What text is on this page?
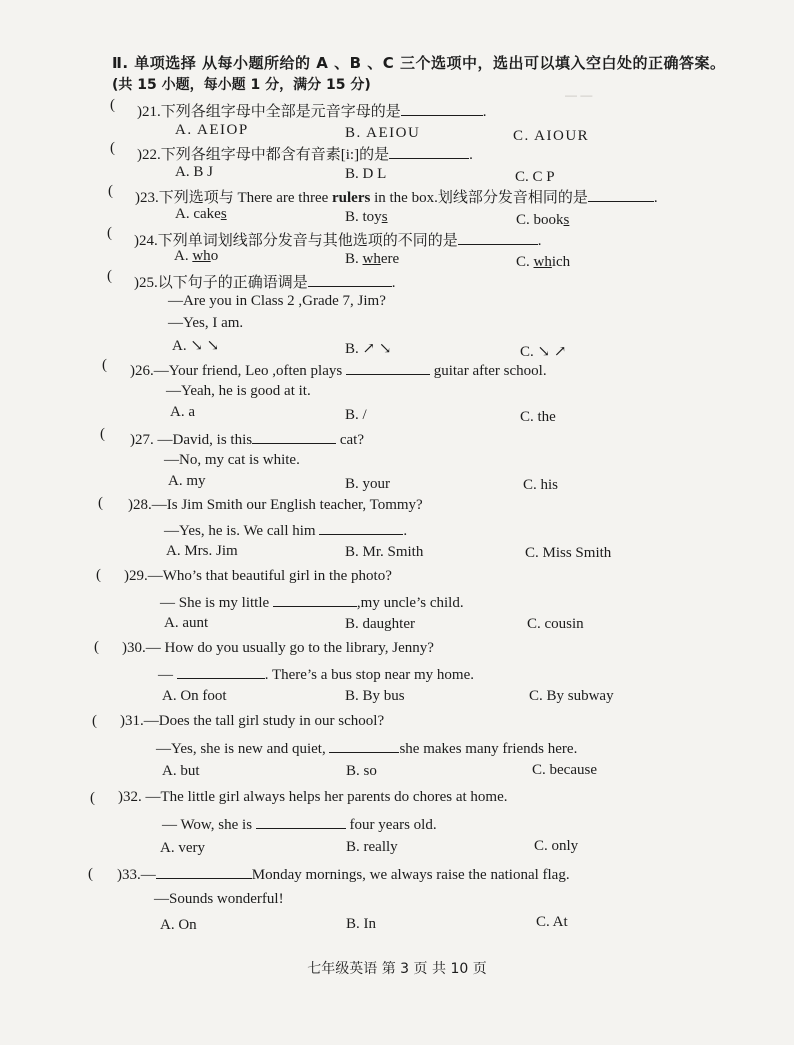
— —
Ⅱ. 单项选择 从每小题所给的 A 、B 、C 三个选项中，选出可以填入空白处的正确答案。
(共 15 小题，每小题 1 分，满分 15 分)
( )21.下列各组字母中全部是元音字母的是	.
A. AEIOP	B. AEIOU	C. AIOUR
( )22.下列各组字母中都含有音素[i:]的是	.
A. B J	B. D L	C. C P
( )23.下列选项与 There are three rulers in the box.划线部分发音相同的是	.
A. cakes	B. toys	C. books
( )24.下列单词划线部分发音与其他选项的不同的是	.
A. who	B. where	C. which
( )25.以下句子的正确语调是	.
—Are you in Class 2 ,Grade 7, Jim?
—Yes, I am.
A. ↘ ↘	B. ↗ ↘	C. ↘ ↗
( )26.—Your friend, Leo ,often plays	guitar after school.
—Yeah, he is good at it.
A. a	B. /	C. the
( )27. —David, is this	cat?
—No, my cat is white.
A. my	B. your	C. his
( )28.—Is Jim Smith our English teacher, Tommy?
—Yes, he is. We call him	.
A. Mrs. Jim	B. Mr. Smith	C. Miss Smith
( )29.—Who’s that beautiful girl in the photo?
— She is my little	,my uncle’s child.
A. aunt	B. daughter	C. cousin
( )30.— How do you usually go to the library, Jenny?
—	. There’s a bus stop near my home.
A. On foot	B. By bus	C. By subway
( )31.—Does the tall girl study in our school?
—Yes, she is new and quiet,	she makes many friends here.
A. but	B. so	C. because
( )32. —The little girl always helps her parents do chores at home.
— Wow, she is	four years old.
A. very	B. really	C. only
( )33.—	Monday mornings, we always raise the national flag.
—Sounds wonderful!
A. On	B. In	C. At
七年级英语 第 3 页 共 10 页
